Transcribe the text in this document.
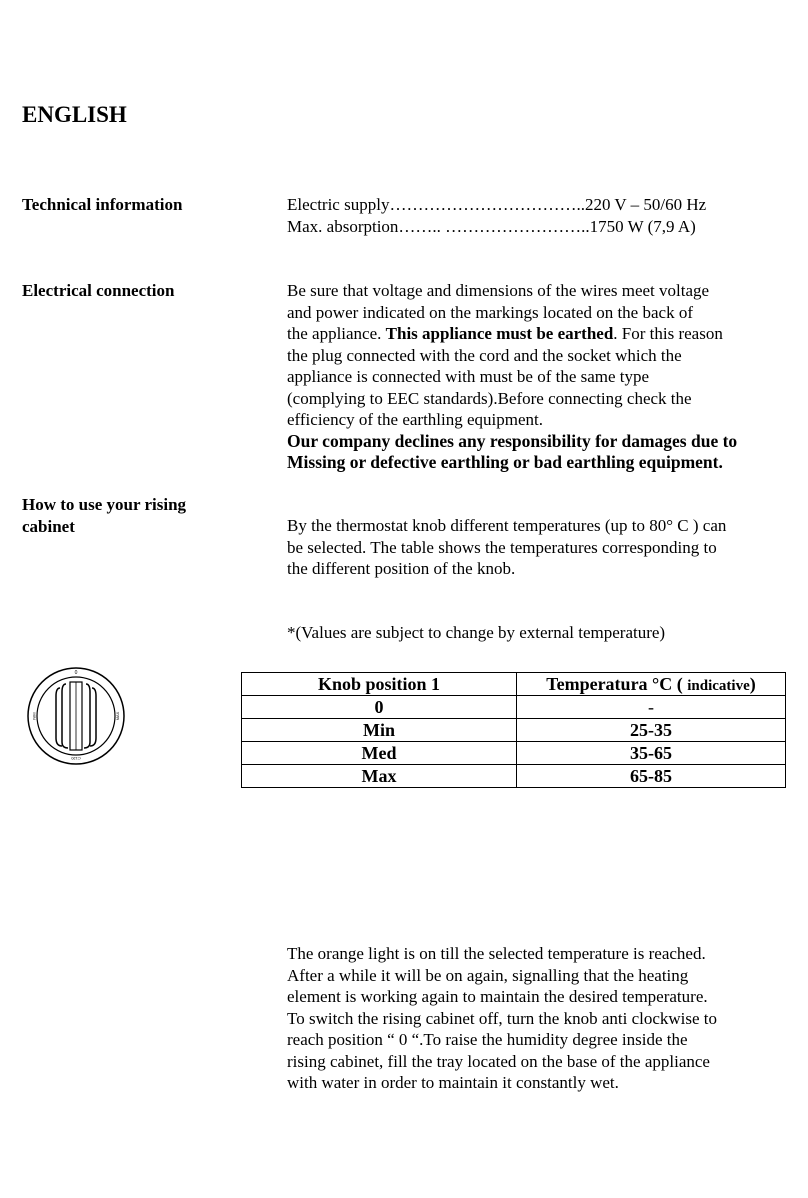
ENGLISH
Technical information	Electric supply……………………………..220 V – 50/60 Hz
Max. absorption…….. ……………………..1750 W (7,9 A)
Electrical connection	Be sure that voltage and dimensions of the wires meet voltage
and power indicated on the markings located on the back of
the appliance. This appliance must be earthed. For this reason
the plug connected with the cord and the socket which the
appliance is connected with must be of the same type
(complying to EEC standards).Before connecting check the
efficiency of the earthling equipment.
Our company declines any responsibility for damages due to
Missing or defective earthling or bad earthling equipment.
How to use your rising
cabinet	By the thermostat knob different temperatures (up to 80° C ) can
be selected. The table shows the temperatures corresponding to
the different position of the knob.
*(Values are subject to change by external temperature)
0
MIN	MAX
C120
Knob position 1	Temperatura °C ( indicative)
0	-
Min	25-35
Med	35-65
Max	65-85
The orange light is on till the selected temperature is reached.
After a while it will be on again, signalling that the heating
element is working again to maintain the desired temperature.
To switch the rising cabinet off, turn the knob anti clockwise to
reach position “ 0 “.To raise the humidity degree inside the
rising cabinet, fill the tray located on the base of the appliance
with water in order to maintain it constantly wet.
